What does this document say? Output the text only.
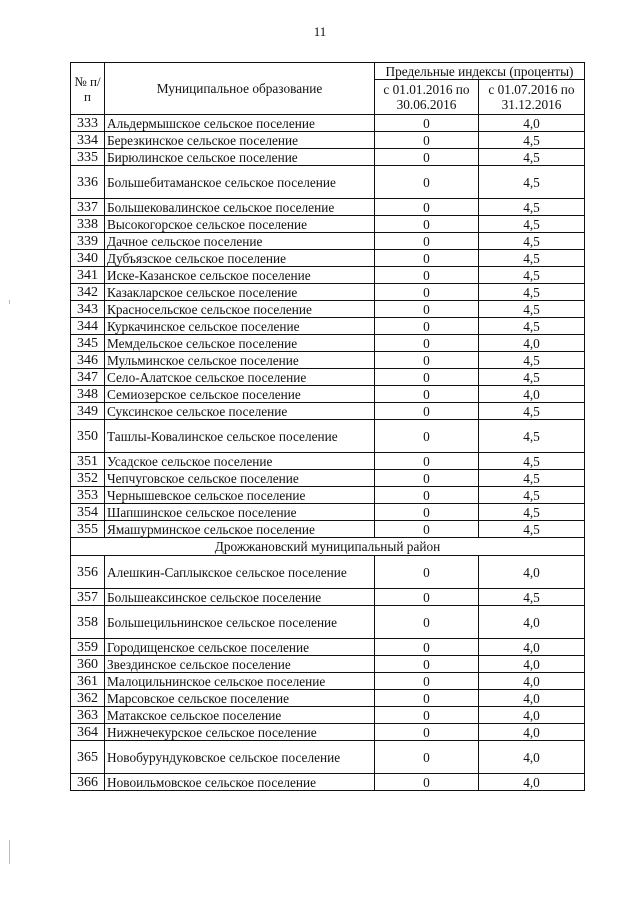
11
№ п/п	Муниципальное образование	Предельные индексы (проценты)	
		с 01.01.2016 по 30.06.2016	с 01.07.2016 по 31.12.2016
333	Альдермышское сельское поселение	0	4,0
334	Березкинское сельское поселение	0	4,5
335	Бирюлинское сельское поселение	0	4,5
336	Большебитаманское сельское поселение	0	4,5
337	Большековалинское сельское поселение	0	4,5
338	Высокогорское сельское поселение	0	4,5
339	Дачное сельское поселение	0	4,5
340	Дубъязское сельское поселение	0	4,5
341	Иске-Казанское сельское поселение	0	4,5
342	Казакларское сельское поселение	0	4,5
343	Красносельское сельское поселение	0	4,5
344	Куркачинское сельское поселение	0	4,5
345	Мемдельское сельское поселение	0	4,0
346	Мульминское сельское поселение	0	4,5
347	Село-Алатское сельское поселение	0	4,5
348	Семиозерское сельское поселение	0	4,0
349	Суксинское сельское поселение	0	4,5
350	Ташлы-Ковалинское сельское поселение	0	4,5
351	Усадское сельское поселение	0	4,5
352	Чепчуговское сельское поселение	0	4,5
353	Чернышевское сельское поселение	0	4,5
354	Шапшинское сельское поселение	0	4,5
355	Ямашурминское сельское поселение	0	4,5
Дрожжановский муниципальный район			
356	Алешкин-Саплыкское сельское поселение	0	4,0
357	Большеаксинское сельское поселение	0	4,5
358	Большецильнинское сельское поселение	0	4,0
359	Городищенское сельское поселение	0	4,0
360	Звездинское сельское поселение	0	4,0
361	Малоцильнинское сельское поселение	0	4,0
362	Марсовское сельское поселение	0	4,0
363	Матакское сельское поселение	0	4,0
364	Нижнечекурское сельское поселение	0	4,0
365	Новобурундуковское сельское поселение	0	4,0
366	Новоильмовское сельское поселение	0	4,0
